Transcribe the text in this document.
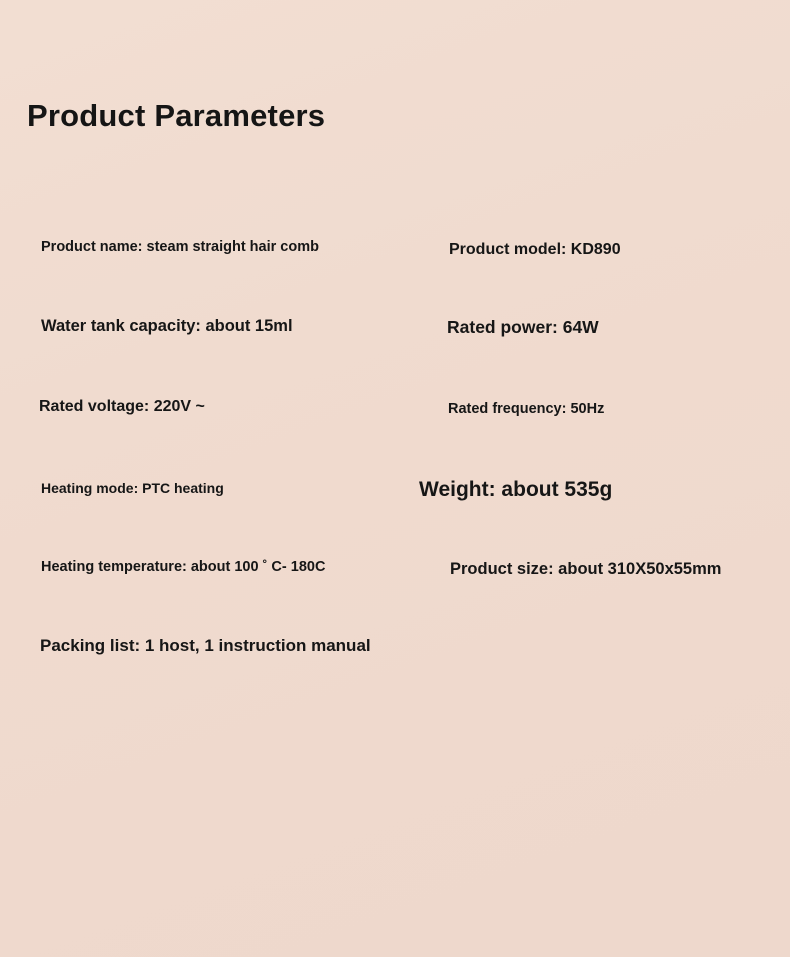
Product Parameters
Product name: steam straight hair comb
Water tank capacity: about 15ml
Rated voltage: 220V ~
Heating mode: PTC heating
Heating temperature: about 100 ˚ C- 180C
Packing list: 1 host, 1 instruction manual
Product model: KD890
Rated power: 64W
Rated frequency: 50Hz
Weight: about 535g
Product size: about 310X50x55mm
